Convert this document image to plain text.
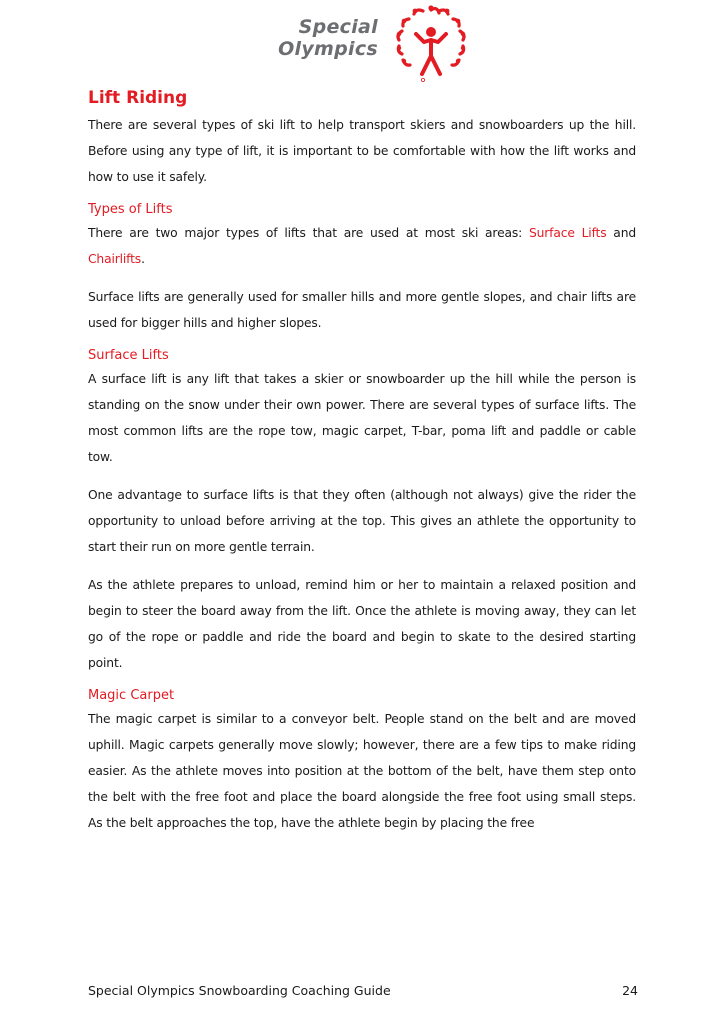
Special
Olympics
Lift Riding

There are several types of ski lift to help transport skiers and snowboarders up the hill. Before using any type of lift, it is important to be comfortable with how the lift works and how to use it safely.

Types of Lifts

There are two major types of lifts that are used at most ski areas: Surface Lifts and Chairlifts.

Surface lifts are generally used for smaller hills and more gentle slopes, and chair lifts are used for bigger hills and higher slopes.

Surface Lifts

A surface lift is any lift that takes a skier or snowboarder up the hill while the person is standing on the snow under their own power. There are several types of surface lifts. The most common lifts are the rope tow, magic carpet, T-bar, poma lift and paddle or cable tow.

One advantage to surface lifts is that they often (although not always) give the rider the opportunity to unload before arriving at the top. This gives an athlete the opportunity to start their run on more gentle terrain.

As the athlete prepares to unload, remind him or her to maintain a relaxed position and begin to steer the board away from the lift. Once the athlete is moving away, they can let go of the rope or paddle and ride the board and begin to skate to the desired starting point.

Magic Carpet

The magic carpet is similar to a conveyor belt. People stand on the belt and are moved uphill. Magic carpets generally move slowly; however, there are a few tips to make riding easier. As the athlete moves into position at the bottom of the belt, have them step onto the belt with the free foot and place the board alongside the free foot using small steps. As the belt approaches the top, have the athlete begin by placing the free

Special Olympics Snowboarding Coaching Guide	24
